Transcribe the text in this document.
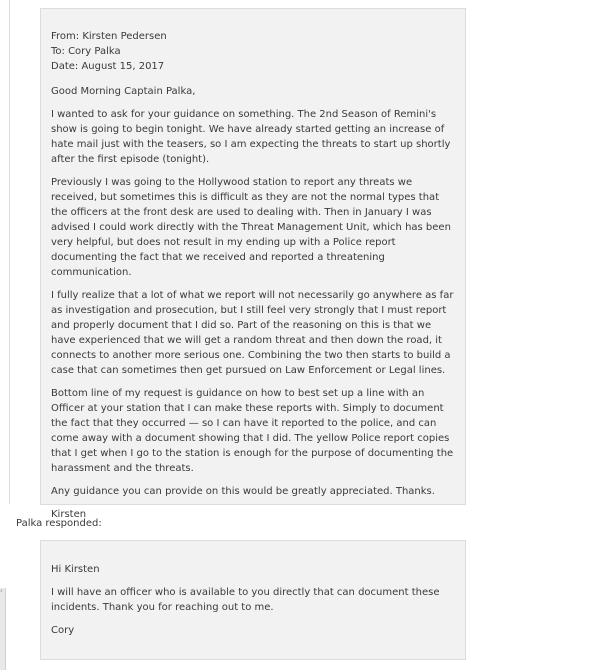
‹
From: Kirsten Pedersen
To: Cory Palka
Date: August 15, 2017

Good Morning Captain Palka,

I wanted to ask for your guidance on something. The 2nd Season of Remini's show is going to begin tonight. We have already started getting an increase of hate mail just with the teasers, so I am expecting the threats to start up shortly after the first episode (tonight).

Previously I was going to the Hollywood station to report any threats we received, but sometimes this is difficult as they are not the normal types that the officers at the front desk are used to dealing with. Then in January I was advised I could work directly with the Threat Management Unit, which has been very helpful, but does not result in my ending up with a Police report documenting the fact that we received and reported a threatening communication.

I fully realize that a lot of what we report will not necessarily go anywhere as far as investigation and prosecution, but I still feel very strongly that I must report and properly document that I did so. Part of the reasoning on this is that we have experienced that we will get a random threat and then down the road, it connects to another more serious one. Combining the two then starts to build a case that can sometimes then get pursued on Law Enforcement or Legal lines.

Bottom line of my request is guidance on how to best set up a line with an Officer at your station that I can make these reports with. Simply to document the fact that they occurred — so I can have it reported to the police, and can come away with a document showing that I did. The yellow Police report copies that I get when I go to the station is enough for the purpose of documenting the harassment and the threats.

Any guidance you can provide on this would be greatly appreciated. Thanks.

Kirsten

Palka responded:

Hi Kirsten

I will have an officer who is available to you directly that can document these incidents. Thank you for reaching out to me.

Cory
